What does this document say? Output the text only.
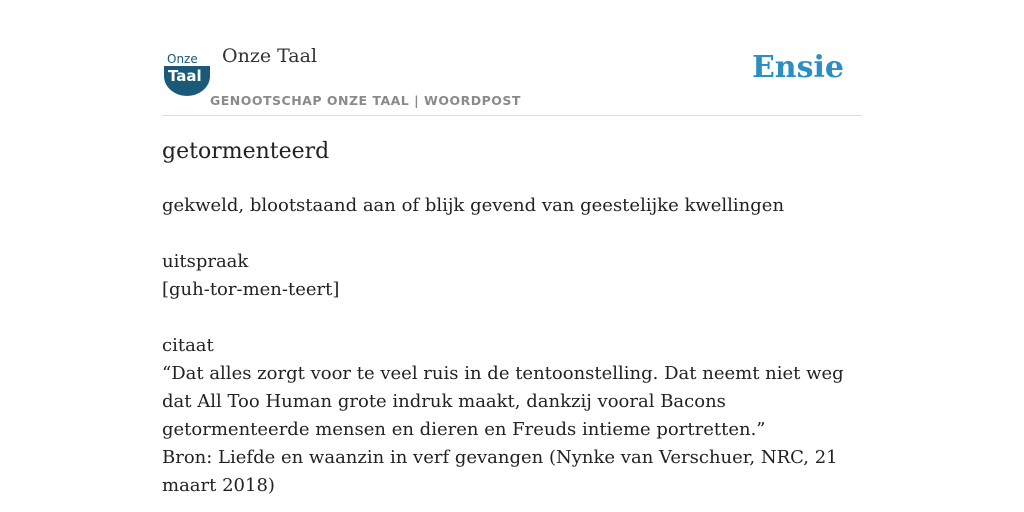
Onze
Taal
Onze Taal
GENOOTSCHAP ONZE TAAL | WOORDPOST
Ensie
getormenteerd

gekweld, blootstaand aan of blijk gevend van geestelijke kwellingen

uitspraak

[guh-tor-men-teert]

citaat

“Dat alles zorgt voor te veel ruis in de tentoonstelling. Dat neemt niet weg dat All Too Human grote indruk maakt, dankzij vooral Bacons getormenteerde mensen en dieren en Freuds intieme portretten.”

Bron: Liefde en waanzin in verf gevangen (Nynke van Verschuer, NRC, 21 maart 2018)
